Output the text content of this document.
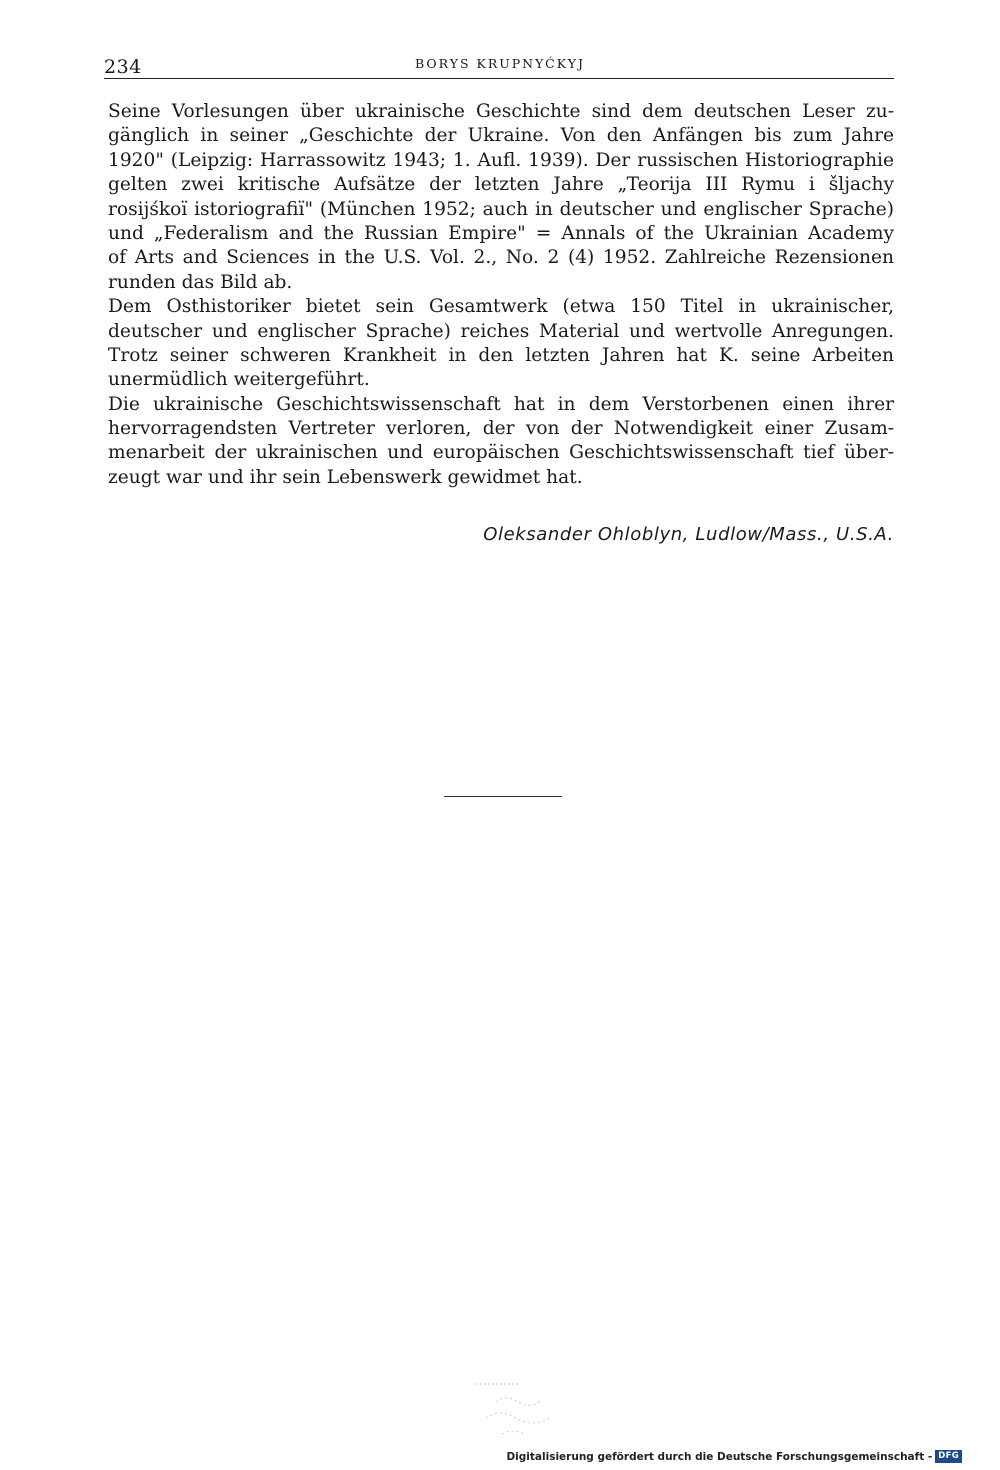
234	BORYS KRUPNYĆKYJ
Seine Vorlesungen über ukrainische Geschichte sind dem deutschen Leser zu-
gänglich in seiner „Geschichte der Ukraine. Von den Anfängen bis zum Jahre
1920" (Leipzig: Harrassowitz 1943; 1. Aufl. 1939). Der russischen Historiographie
gelten zwei kritische Aufsätze der letzten Jahre „Teorija III Rymu i šljachy
rosijśkoï istoriografiï" (München 1952; auch in deutscher und englischer Sprache)
und „Federalism and the Russian Empire" = Annals of the Ukrainian Academy
of Arts and Sciences in the U.S. Vol. 2., No. 2 (4) 1952. Zahlreiche Rezensionen
runden das Bild ab.
Dem Osthistoriker bietet sein Gesamtwerk (etwa 150 Titel in ukrainischer,
deutscher und englischer Sprache) reiches Material und wertvolle Anregungen.
Trotz seiner schweren Krankheit in den letzten Jahren hat K. seine Arbeiten
unermüdlich weitergeführt.
Die ukrainische Geschichtswissenschaft hat in dem Verstorbenen einen ihrer
hervorragendsten Vertreter verloren, der von der Notwendigkeit einer Zusam-
menarbeit der ukrainischen und europäischen Geschichtswissenschaft tief über-
zeugt war und ihr sein Lebenswerk gewidmet hat.
Oleksander Ohloblyn, Ludlow/Mass., U.S.A.
Digitalisierung gefördert durch die Deutsche Forschungsgemeinschaft - DFG
